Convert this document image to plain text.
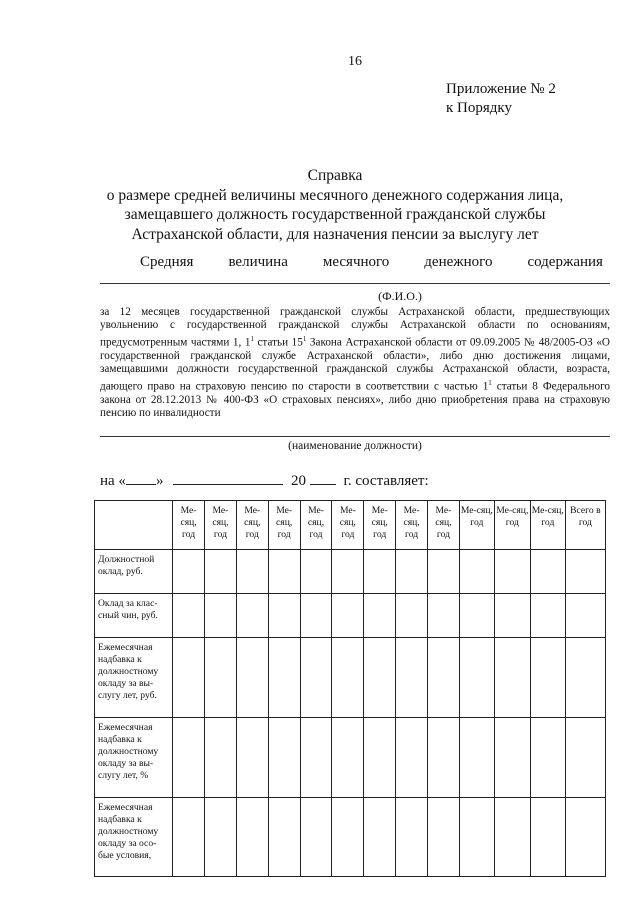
16
Приложение № 2
к Порядку
Справка
о размере средней величины месячного денежного содержания лица,
замещавшего должность государственной гражданской службы
Астраханской области, для назначения пенсии за выслугу лет
Средняя величина месячного денежного содержания
(Ф.И.О.)
за 12 месяцев государственной гражданской службы Астраханской области, предшествующих увольнению с государственной гражданской службы Астраханской области по основаниям, предусмотренным частями 1, $1^1$ статьи $15^1$ Закона Астраханской области от 09.09.2005 № 48/2005-ОЗ «О государственной гражданской службе Астраханской области», либо дню достижения лицами, замещавшими должности государственной гражданской службы Астраханской области, возраста, дающего право на страховую пенсию по старости в соответствии с частью $1^1$ статьи 8 Федерального закона от 28.12.2013 № 400-ФЗ «О страховых пенсиях», либо дню приобретения права на страховую пенсию по инвалидности
(наименование должности)
на « »	20	г. составляет:
	Ме-сяц, год	Ме-сяц, год	Ме-сяц, год	Ме-сяц, год	Ме-сяц, год	Ме-сяц, год	Ме-сяц, год	Ме-сяц, год	Ме-сяц, год	Ме-сяц, год	Ме-сяц, год	Ме-сяц, год	Всего в год
Должностной оклад, руб.													
Оклад за клас-сный чин, руб.													
Ежемесячная надбавка к должностному окладу за вы-слугу лет, руб.													
Ежемесячная надбавка к должностному окладу за вы-слугу лет, %													
Ежемесячная надбавка к должностному окладу за осо-бые условия,													
